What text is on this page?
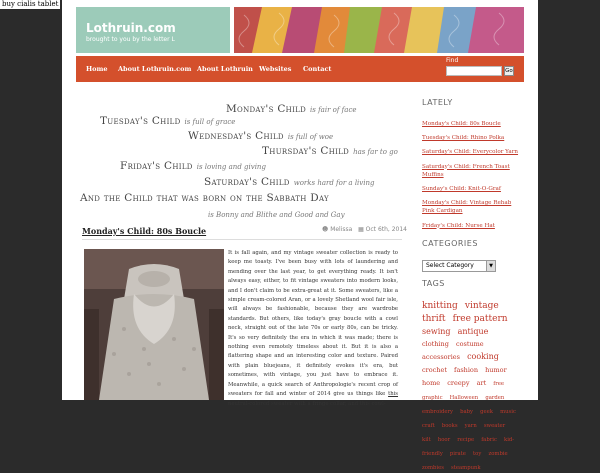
buy cialis tablet
Lothruin.com
brought to you by the letter L
Home About Lothruin.com About Lothruin Websites Contact
Find
Go
Monday's Child is fair of face
Tuesday's Child is full of grace
Wednesday's Child is full of woe
Thursday's Child has far to go
Friday's Child is loving and giving
Saturday's Child works hard for a living
And the Child that was born on the Sabbath Day
is Bonny and Blithe and Good and Gay
Monday's Child: 80s Boucle	☻ Melissa ▦ Oct 6th, 2014
It is fall again, and my vintage sweater collection is ready to keep me toasty. I've been busy with lots of laundering and mending over the last year, to get everything ready. It isn't always easy, either, to fit vintage sweaters into modern looks, and I don't claim to be extra-great at it. Some sweaters, like a simple cream-colored Aran, or a lovely Shetland wool fair isle, will always be fashionable, because they are wardrobe standards. But others, like today's gray boucle with a cowl neck, straight out of the late 70s or early 80s, can be tricky. It's so very definitely the era in which it was made; there is nothing even remotely timeless about it. But it is also a flattering shape and an interesting color and texture. Paired with plain bluejeans, it definitely evokes it's era, but sometimes, with vintage, you just have to embrace it. Meanwhile, a quick search of Anthropologie's recent crop of sweaters for fall and winter of 2014 give us things like this neutral-colored sweater with a fringe collar, and this cowl-
LATELY
Monday's Child: 80s Boucle
Tuesday's Child: Rhino Polka
Saturday's Child: Everycolor Yarn
Saturday's Child: French Toast Muffins
Sunday's Child: Knit-O-Graf
Monday's Child: Vintage Rehab Pink Cardigan
Friday's Child: Nurse Hat
CATEGORIES
Select Category	▼
TAGS
knitting vintage thrift free pattern sewing antique clothing costume accessories cooking crochet fashion humor home creepy art free graphic Halloween garden embroidery baby geek music craft books yarn sweater kilt hoor recipe fabric kid-friendly pirate toy zombie zombies steampunk
